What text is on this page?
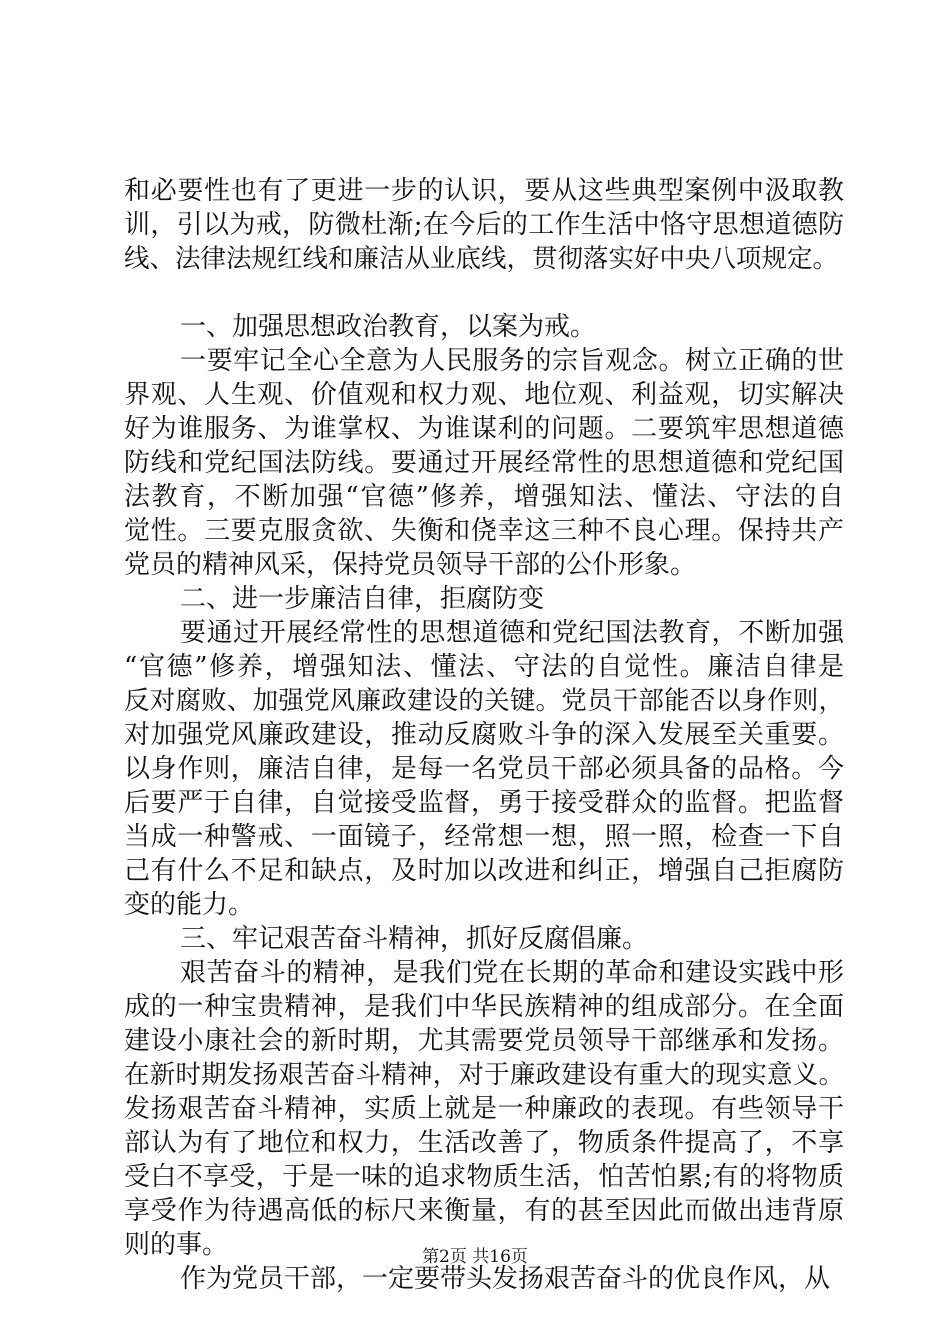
和必要性也有了更进一步的认识，要从这些典型案例中汲取教
训，引以为戒，防微杜渐;在今后的工作生活中恪守思想道德防
线、法律法规红线和廉洁从业底线，贯彻落实好中央八项规定。
一、加强思想政治教育，以案为戒。
一要牢记全心全意为人民服务的宗旨观念。树立正确的世
界观、人生观、价值观和权力观、地位观、利益观，切实解决
好为谁服务、为谁掌权、为谁谋利的问题。二要筑牢思想道德
防线和党纪国法防线。要通过开展经常性的思想道德和党纪国
法教育，不断加强“官德”修养，增强知法、懂法、守法的自
觉性。三要克服贪欲、失衡和侥幸这三种不良心理。保持共产
党员的精神风采，保持党员领导干部的公仆形象。
二、进一步廉洁自律，拒腐防变
要通过开展经常性的思想道德和党纪国法教育，不断加强
“官德”修养，增强知法、懂法、守法的自觉性。廉洁自律是
反对腐败、加强党风廉政建设的关键。党员干部能否以身作则，
对加强党风廉政建设，推动反腐败斗争的深入发展至关重要。
以身作则，廉洁自律，是每一名党员干部必须具备的品格。今
后要严于自律，自觉接受监督，勇于接受群众的监督。把监督
当成一种警戒、一面镜子，经常想一想，照一照，检查一下自
己有什么不足和缺点，及时加以改进和纠正，增强自己拒腐防
变的能力。
三、牢记艰苦奋斗精神，抓好反腐倡廉。
艰苦奋斗的精神，是我们党在长期的革命和建设实践中形
成的一种宝贵精神，是我们中华民族精神的组成部分。在全面
建设小康社会的新时期，尤其需要党员领导干部继承和发扬。
在新时期发扬艰苦奋斗精神，对于廉政建设有重大的现实意义。
发扬艰苦奋斗精神，实质上就是一种廉政的表现。有些领导干
部认为有了地位和权力，生活改善了，物质条件提高了，不享
受白不享受，于是一味的追求物质生活，怕苦怕累;有的将物质
享受作为待遇高低的标尺来衡量，有的甚至因此而做出违背原
则的事。
作为党员干部，一定要带头发扬艰苦奋斗的优良作风，从
第2页 共16页
